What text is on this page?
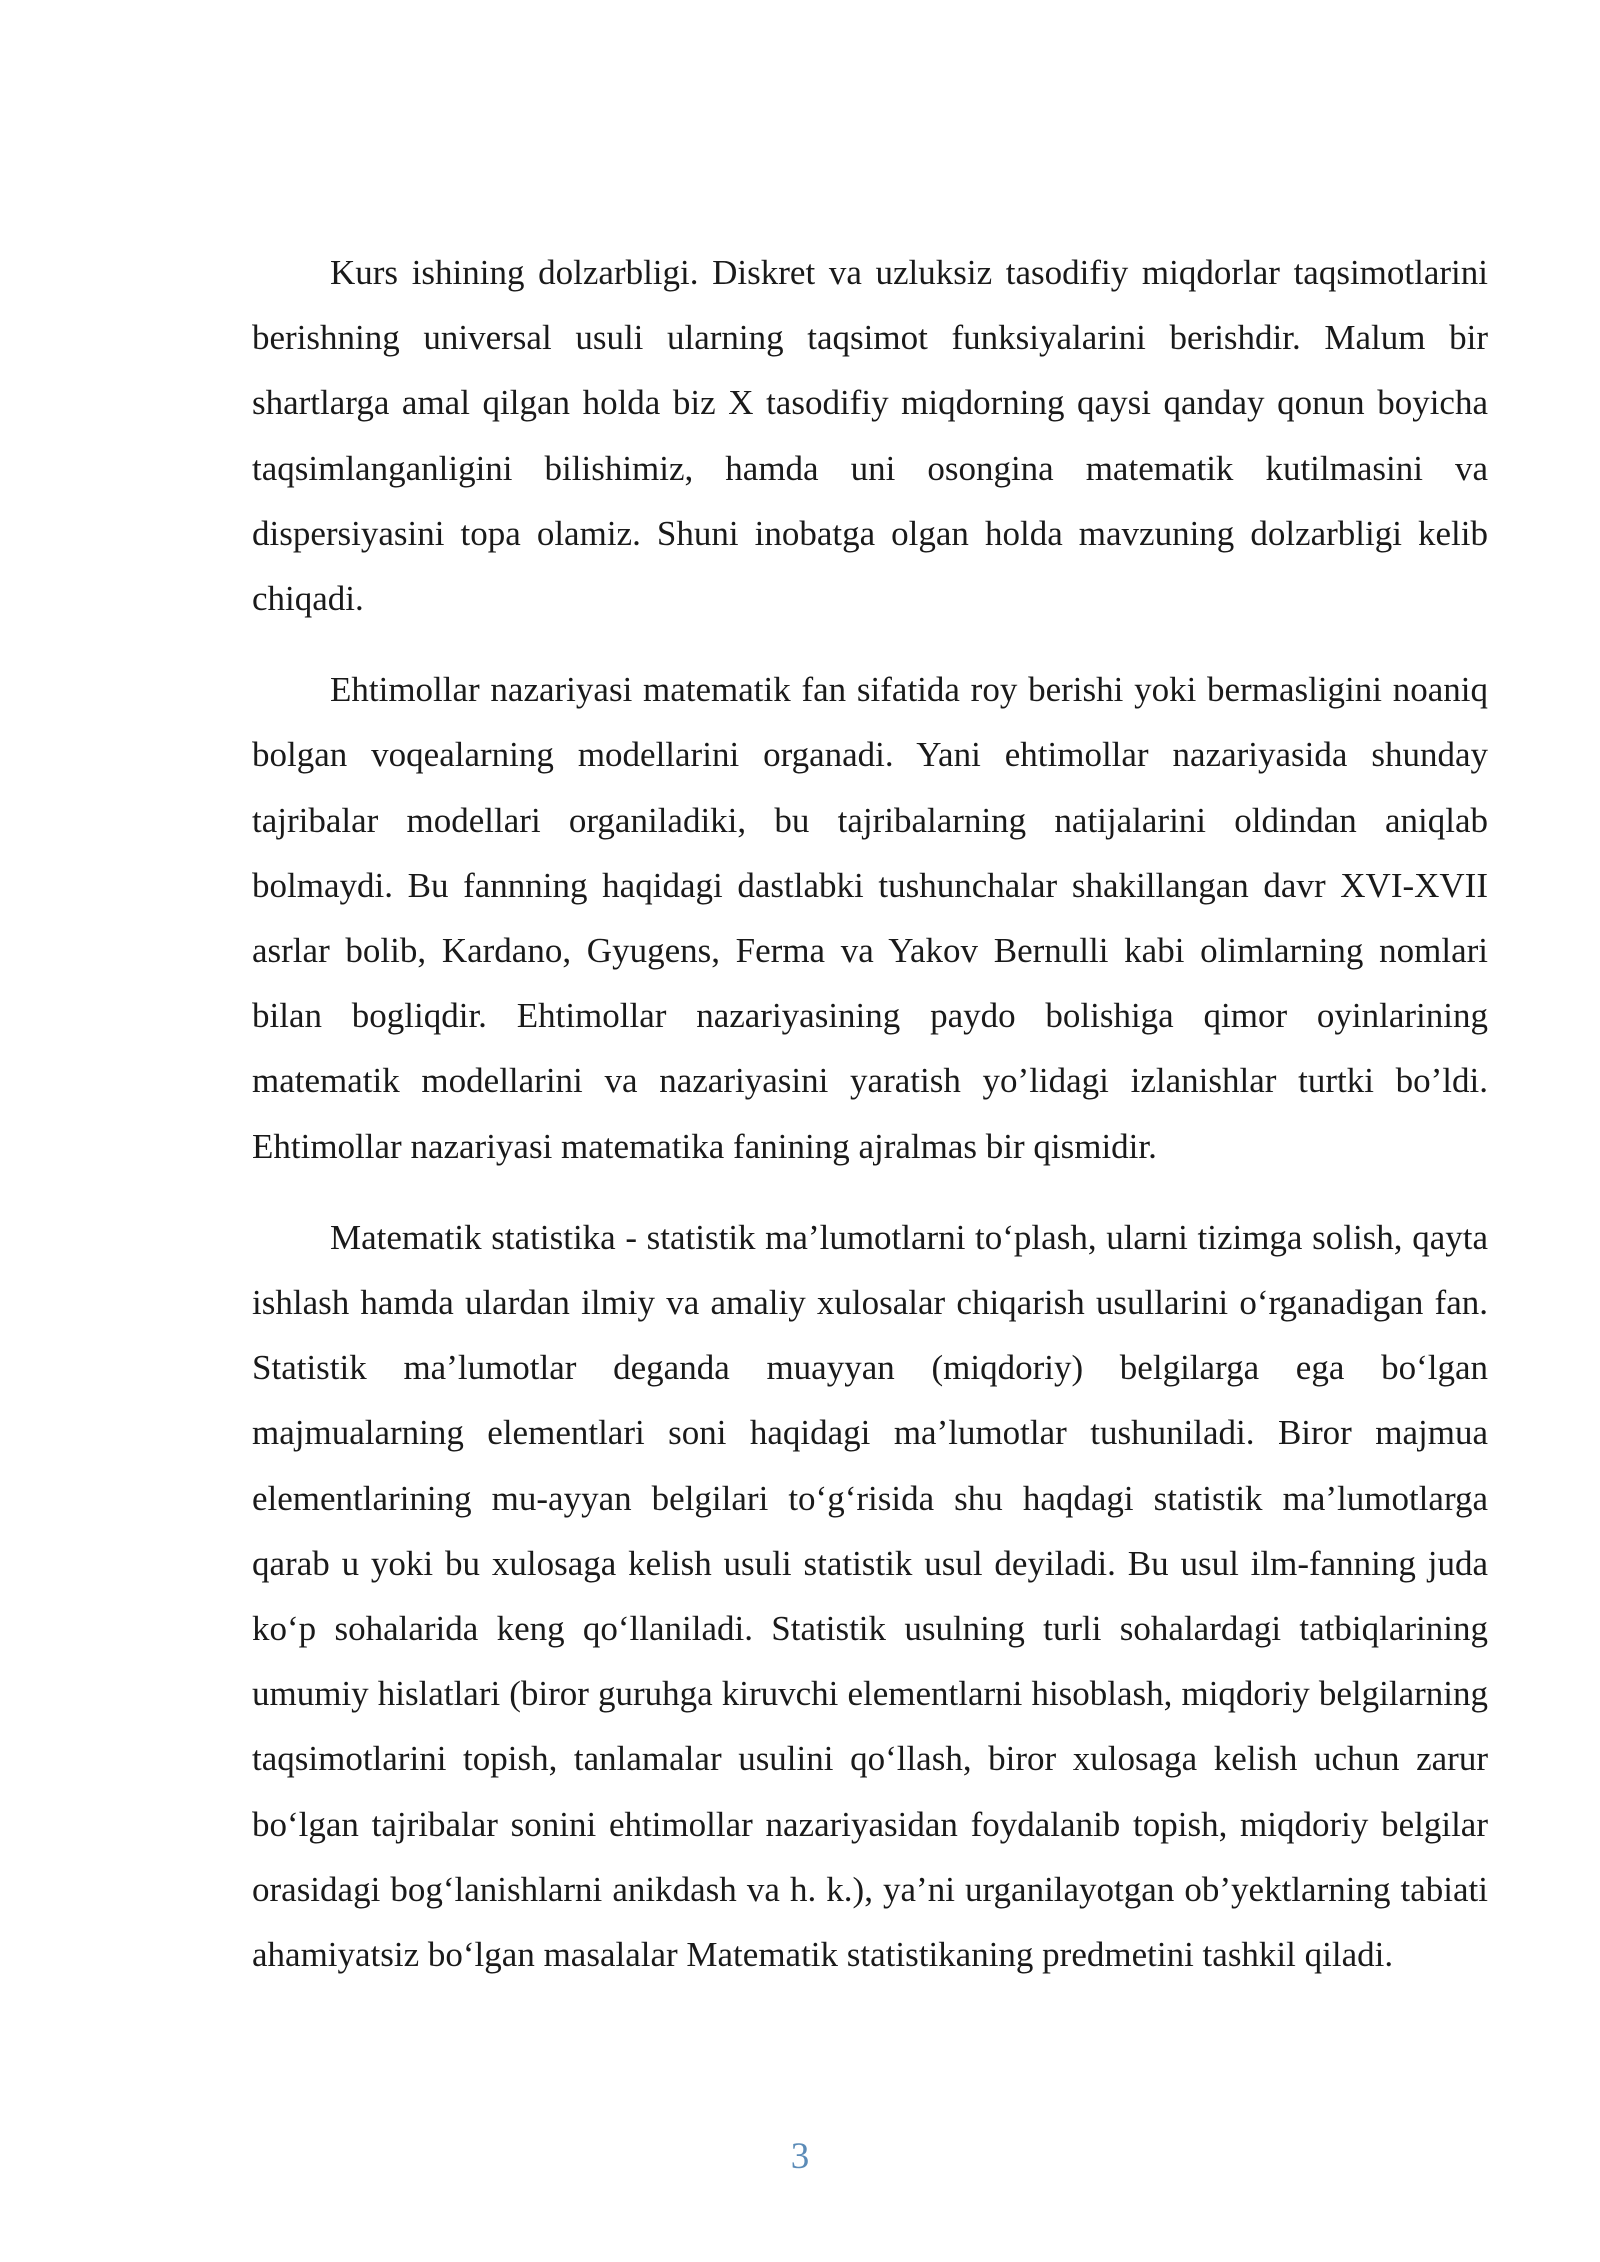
Kurs ishining dolzarbligi. Diskret va uzluksiz tasodifiy miqdorlar taqsimotlarini berishning universal usuli ularning taqsimot funksiyalarini berishdir. Malum bir shartlarga amal qilgan holda biz X tasodifiy miqdorning qaysi qanday qonun boyicha taqsimlanganligini bilishimiz, hamda uni osongina matematik kutilmasini va dispersiyasini topa olamiz. Shuni inobatga olgan holda mavzuning dolzarbligi kelib chiqadi.

Ehtimollar nazariyasi matematik fan sifatida roy berishi yoki bermasligini noaniq bolgan voqealarning modellarini organadi. Yani ehtimollar nazariyasida shunday tajribalar modellari organiladiki, bu tajribalarning natijalarini oldindan aniqlab bolmaydi. Bu fannning haqidagi dastlabki tushunchalar shakillangan davr XVI-XVII asrlar bolib, Kardano, Gyugens, Ferma va Yakov Bernulli kabi olimlarning nomlari bilan bogliqdir. Ehtimollar nazariyasining paydo bolishiga qimor oyinlarining matematik modellarini va nazariyasini yaratish yo’lidagi izlanishlar turtki bo’ldi. Ehtimollar nazariyasi matematika fanining ajralmas bir qismidir.

Matematik statistika - statistik ma’lumotlarni to‘plash, ularni tizimga solish, qayta ishlash hamda ulardan ilmiy va amaliy xulosalar chiqarish usullarini o‘rganadigan fan. Statistik ma’lumotlar deganda muayyan (miqdoriy) belgilarga ega bo‘lgan majmualarning elementlari soni haqidagi ma’lumotlar tushuniladi. Biror majmua elementlarining mu-ayyan belgilari to‘g‘risida shu haqdagi statistik ma’lumotlarga qarab u yoki bu xulosaga kelish usuli statistik usul deyiladi. Bu usul ilm-fanning juda ko‘p sohalarida keng qo‘llaniladi. Statistik usulning turli sohalardagi tatbiqlarining umumiy hislatlari (biror guruhga kiruvchi elementlarni hisoblash, miqdoriy belgilarning taqsimotlarini topish, tanlamalar usulini qo‘llash, biror xulosaga kelish uchun zarur bo‘lgan tajribalar sonini ehtimollar nazariyasidan foydalanib topish, miqdoriy belgilar orasidagi bog‘lanishlarni anikdash va h. k.), ya’ni urganilayotgan ob’yektlarning tabiati ahamiyatsiz bo‘lgan masalalar Matematik statistikaning predmetini tashkil qiladi.

3
